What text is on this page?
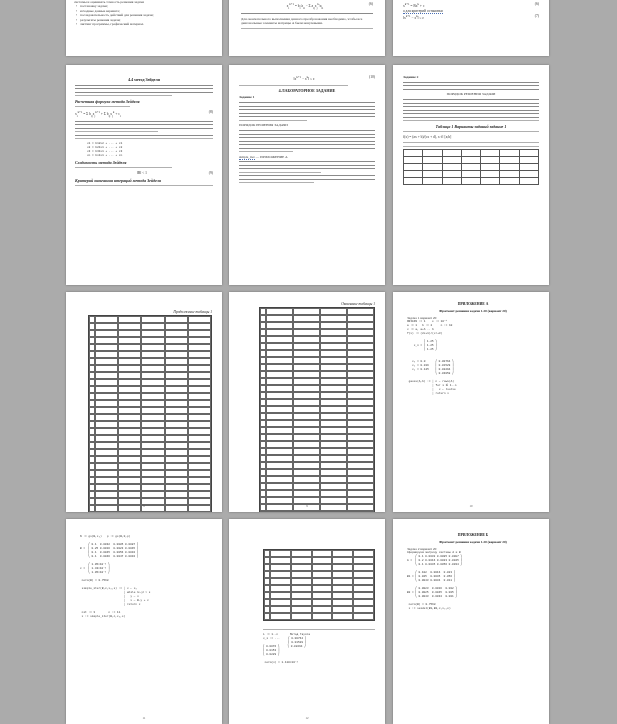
системы и оценивать точность решения задачи
• постановку задачи;
• исходные данные варианта;
• последовательность действий для решения задачи;
• результаты решения задачи;
• листинг программы, графический материал.
$x_i^{k+1} = b_i/a_{ii} - \Sigma$ $a_{ij}x_j^k/a_{ii}$
(6)
Для окончательного выполнения данного преобразования необходимо, чтобы все диагональные элементы матрицы A были ненулевыми.
$x^{k+1} = Bx^k + c$
(6)
а для критерий остановки
$‖x^{k+1}$ − $x^k‖ \le \varepsilon$
(7)
4.4 метод Зейделя
Расчетная формула метода Зейделя
$x_i^{k+1} = \Sigma$ $b_{ij}x_j^{k+1} + \Sigma$ $b_{ij}x_j^k + c_i$
(8)
x1 = b12x2 + ... + c1
x2 = b21x1 + ... + c2
x3 = b31x1 + ... + c3
xn = bn1x1 + ... + cn
Сходимость метода Зейделя
‖B‖ < 1	(9)
Критерий окончания итераций метода Зейделя
$‖x^{k+1}$ − $x^k‖ \le \varepsilon$
(10)
4.ЛАБОРАТОРНОЕ ЗАДАНИЕ
Задание 1
ПОРЯДОК РЕШЕНИЯ ЗАДАЧИ
simple_iter — ПРИЛОЖЕНИЕ А
Задание 2
ПОРЯДОК РЕШЕНИЯ ЗАДАЧИ
Таблица 1 Варианты заданий задание 1
f(x) = (ax + b)/(cx + d), x ∈ [a;b]

Продолжение таблицы 1
8
Окончание таблицы 1
9
ПРИЛОЖЕНИЕ А
Фрагмент решения задачи 1.20 (вариант 20)
Задача 1 вариант 20
ORIGIN := 1    ε := 10⁻⁴
a := 1   b := 2     n := 10
x := a, a+h .. b
f(x) := (2x+1)/(x²+3)

⎛ 1.25 ⎞
x_n = ⎜ 1.25 ⎟
⎝ 1.25 ⎠

x₀ = 0.0      ⎛ 0.00764 ⎞
x₁ = 0.016    ⎜ 0.01529 ⎟
x₂ = 0.125    ⎜ 0.02294 ⎟
⎝ 0.03058 ⎠

gauss(A,b) := │ n ← rows(A)
│ for i ∈ 1..n
│   x ← lsolve
│ return x
10
N := gs(B,x₀)   p := gs(B,0,p)

⎛ 0.1  0.0032  0.0085 0.0087 ⎞
B =  ⎜ 0.25 0.0016  0.0023 0.0045 ⎟
⎜ 0.1  0.0045  0.0056 0.0034 ⎟
⎝ 0.1  0.0046  0.0047 0.0034 ⎠

⎛ 1.05×10⁻³ ⎞
c =  ⎜ 1.43×10⁻³ ⎟
⎝ 1.05×10⁻³ ⎠

norm(B) = 0.7568

simple_iter(B,c,x₀,ε) := │ x ← x₀
│ while ‖x−y‖ > ε
│   y ← x
│   x ← B·y + c
│ return x

nit := 3        n := 11
x := simple_iter(B,c,x₀,ε)
11
i := 1..n       Метод Гаусса
x_i := ...     ⎛ 0.00764 ⎞
⎜ 0.01529 ⎟
⎛ 0.0076 ⎞     ⎝ 0.02294 ⎠
⎜ 0.0153 ⎟
⎝ 0.0229 ⎠

norm(x) = 1.110×10⁻³
12
ПРИЛОЖЕНИЕ Б
Фрагмент решения задачи 1.20 (вариант 20)
Задача 2 вариант 20
Сформируем матрицу системы A и B
⎛ 0.1 0.0032 0.0085 0.0087 ⎞
A =  ⎜ 0.2 0.0016 0.0023 0.0045 ⎟
⎝ 0.1 0.0045 0.0056 0.0034 ⎠

⎛ 0.102  0.0016  0.023 ⎞
B1 = ⎜ 0.025  0.0045  0.056 ⎟
⎝ 0.0043 0.0034  0.011 ⎠

⎛ 0.0023  0.0016  0.002 ⎞
B2 = ⎜ 0.0025  0.0045  0.005 ⎟
⎝ 0.0043  0.0034  0.001 ⎠

norm(B) = 0.7568
x := seidel(B1,B2,c,x₀,ε)
